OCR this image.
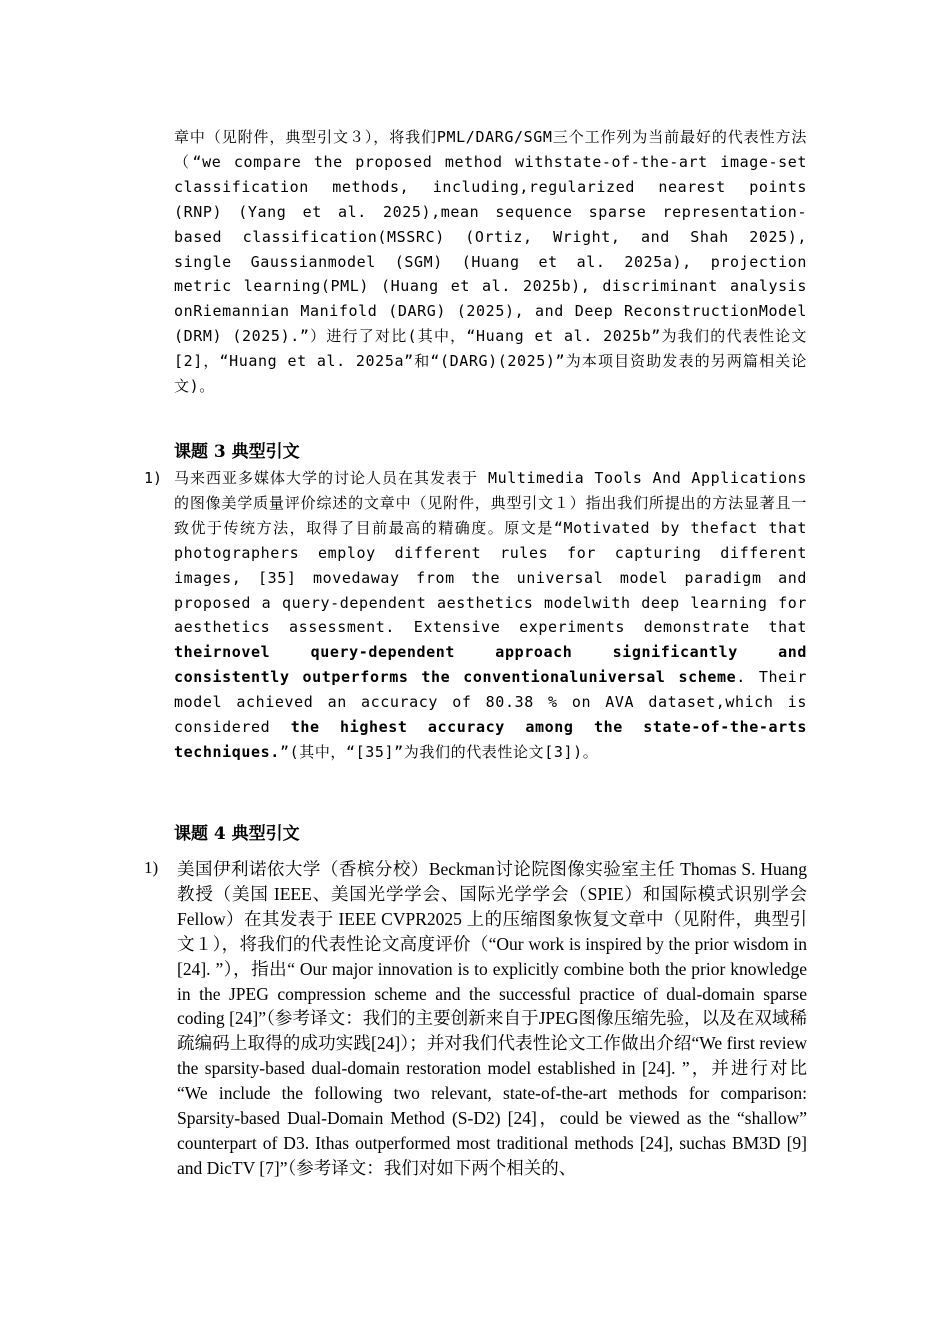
章中（见附件，典型引文３），将我们PML/DARG/SGM三个工作列为当前最好的代表性方法（“we compare the proposed method withstate-of-the-art image-set classification methods, including,regularized nearest points (RNP) (Yang et al. 2025),mean sequence sparse representation-based classification(MSSRC) (Ortiz, Wright, and Shah 2025), single Gaussianmodel (SGM) (Huang et al. 2025a), projection metric learning(PML) (Huang et al. 2025b), discriminant analysis onRiemannian Manifold (DARG) (2025), and Deep ReconstructionModel (DRM) (2025).”）进行了对比(其中，“Huang et al. 2025b”为我们的代表性论文[2]，“Huang et al. 2025a”和“(DARG)(2025)”为本项目资助发表的另两篇相关论文)。

课题 3 典型引文

1) 马来西亚多媒体大学的讨论人员在其发表于 Multimedia Tools And Applications的图像美学质量评价综述的文章中（见附件，典型引文１）指出我们所提出的方法显著且一致优于传统方法，取得了目前最高的精确度。原文是“Motivated by thefact that photographers employ different rules for capturing different images, [35] movedaway from the universal model paradigm and proposed a query-dependent aesthetics modelwith deep learning for aesthetics assessment. Extensive experiments demonstrate that theirnovel query-dependent approach significantly and consistently outperforms the conventionaluniversal scheme. Their model achieved an accuracy of 80.38 % on AVA dataset,which is considered the highest accuracy among the state-of-the-arts techniques.”(其中，“[35]”为我们的代表性论文[3])。

课题 4 典型引文

1) 美国伊利诺依大学（香槟分校）Beckman讨论院图像实验室主任 Thomas S. Huang教授（美国 IEEE、美国光学学会、国际光学学会（SPIE）和国际模式识别学会 Fellow）在其发表于 IEEE CVPR2025 上的压缩图象恢复文章中（见附件，典型引文１），将我们的代表性论文高度评价（“Our work is inspired by the prior wisdom in [24]. ”），指出“ Our major innovation is to explicitly combine both the prior knowledge in the JPEG compression scheme and the successful practice of dual-domain sparse coding [24]”（参考译文：我们的主要创新来自于JPEG图像压缩先验，以及在双域稀疏编码上取得的成功实践[24]）；并对我们代表性论文工作做出介绍“We first review the sparsity-based dual-domain restoration model established in [24]. ”，并进行对比 “We include the following two relevant, state-of-the-art methods for comparison: Sparsity-based Dual-Domain Method (S-D2) [24]，could be viewed as the “shallow” counterpart of D3. Ithas outperformed most traditional methods [24], suchas BM3D [9] and DicTV [7]”（参考译文：我们对如下两个相关的、
